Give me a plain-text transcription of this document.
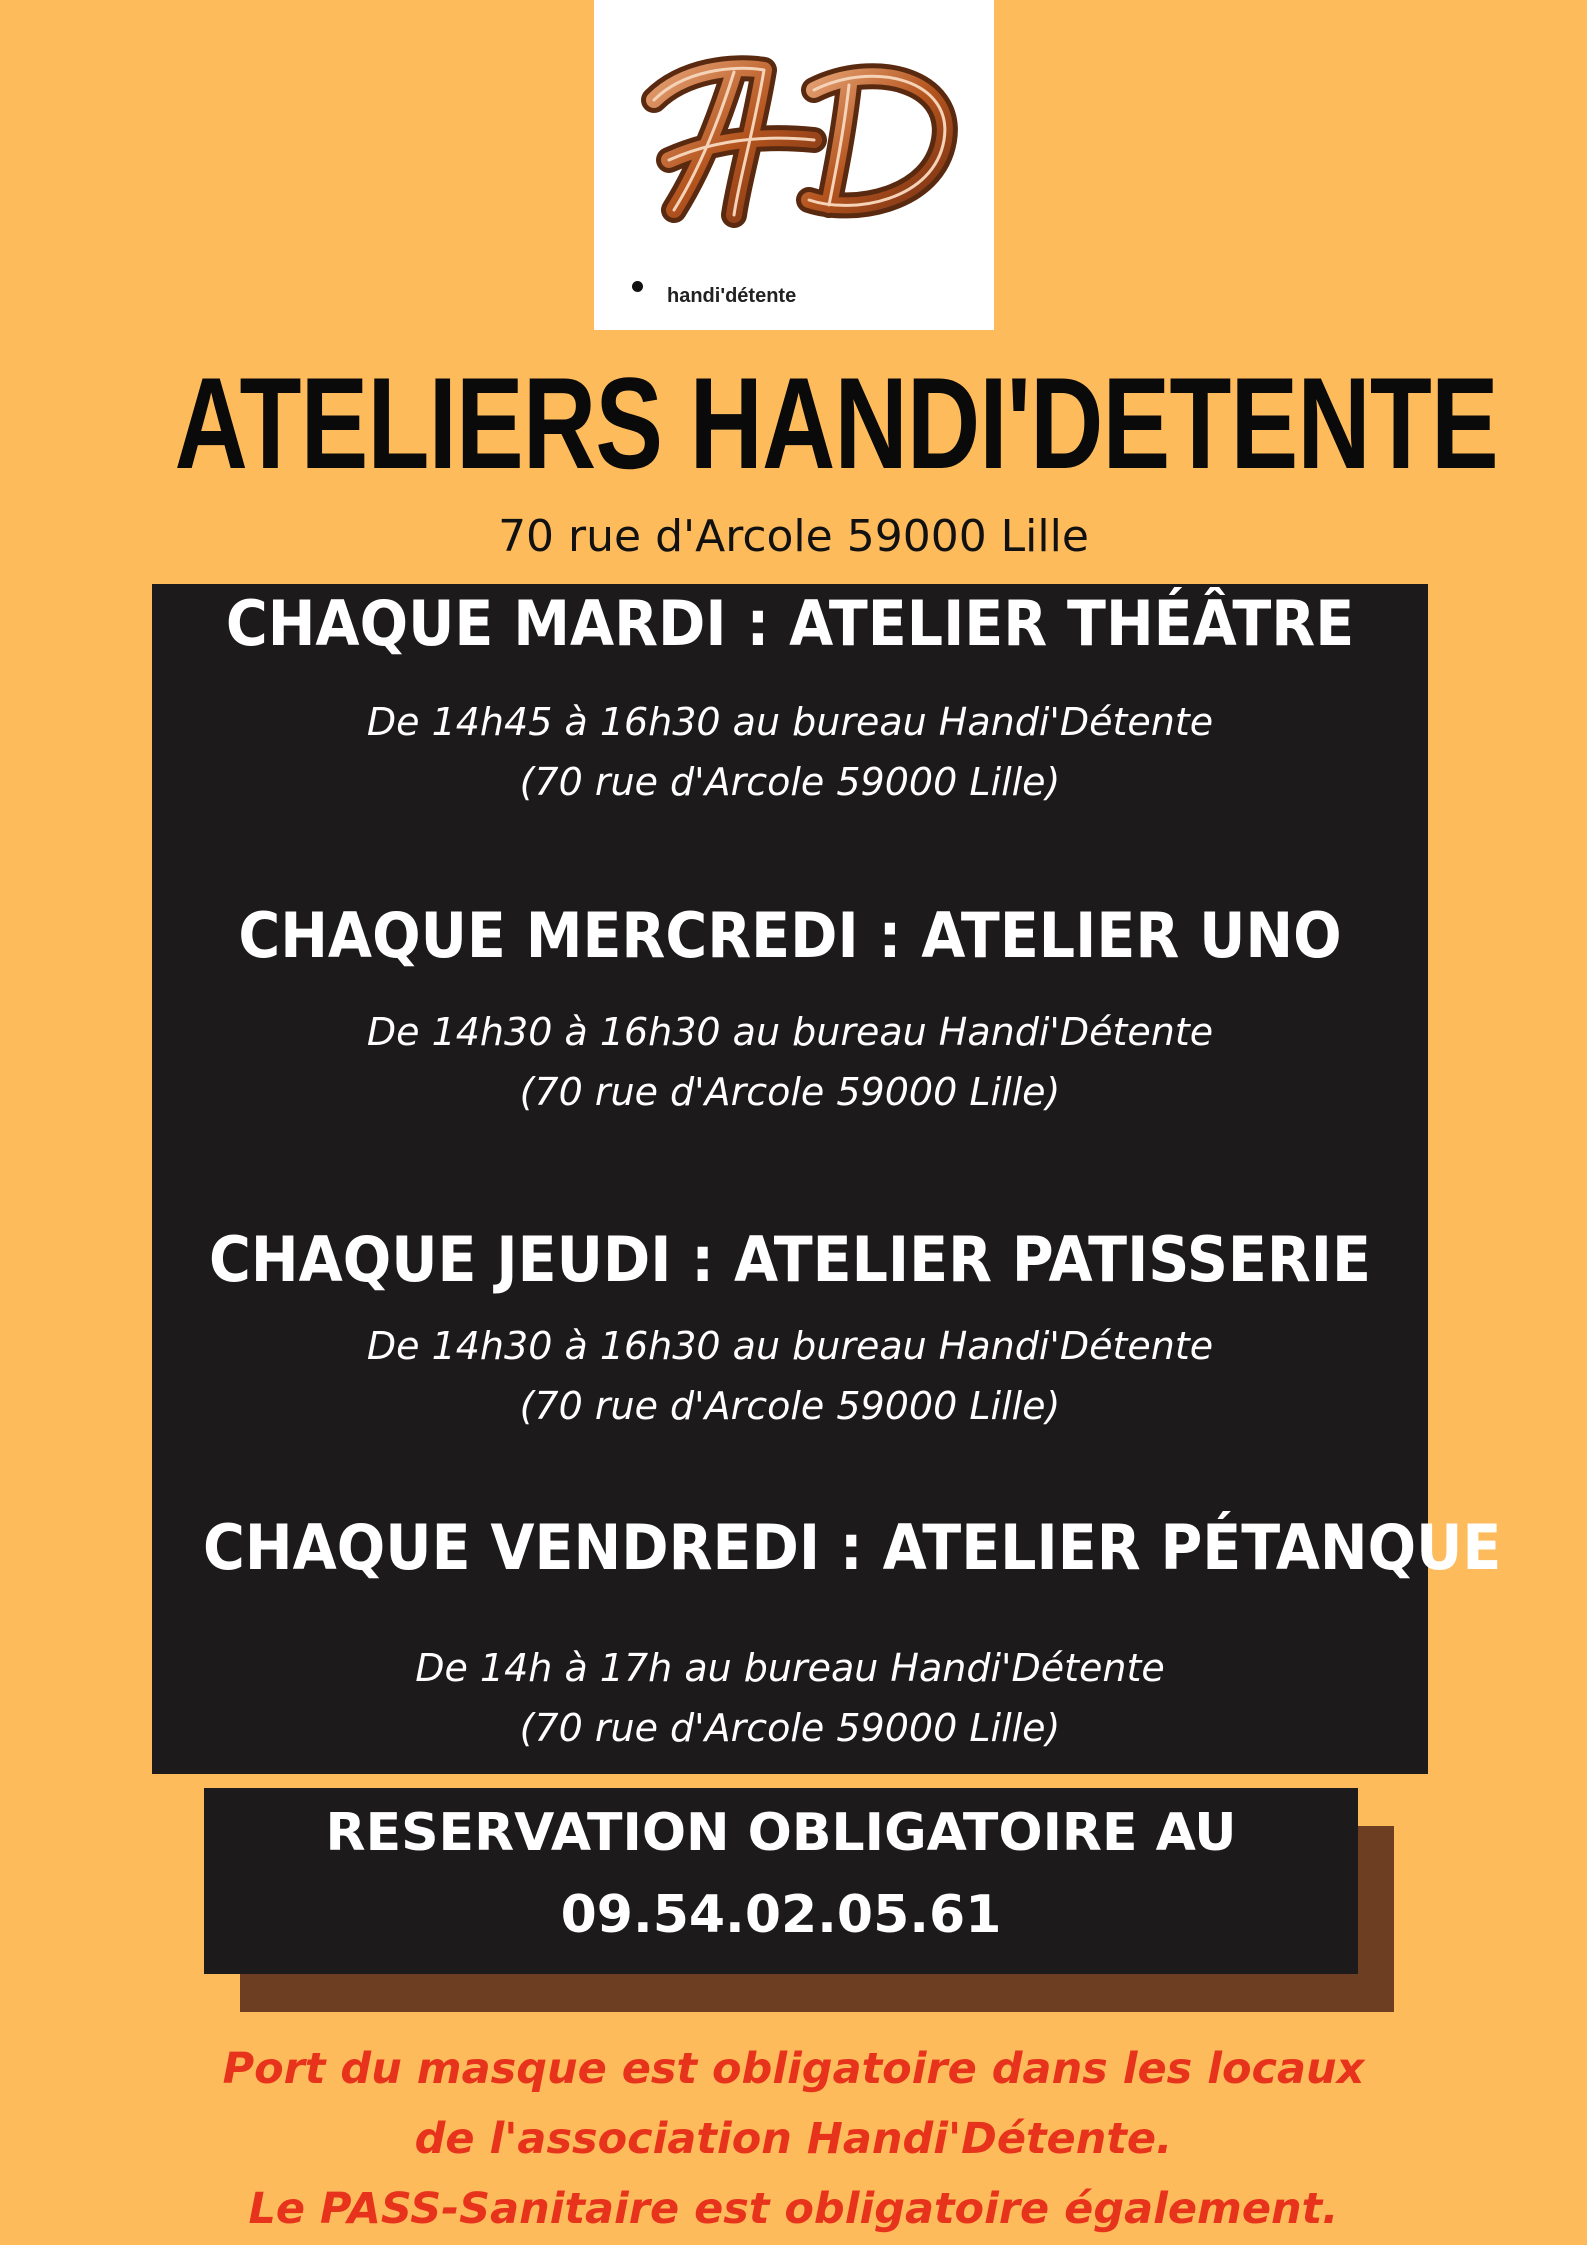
handi'détente
ATELIERS HANDI'DETENTE
70 rue d'Arcole 59000 Lille
CHAQUE MARDI : ATELIER THÉÂTRE
De 14h45 à 16h30 au bureau Handi'Détente
(70 rue d'Arcole 59000 Lille)
CHAQUE MERCREDI : ATELIER UNO
De 14h30 à 16h30 au bureau Handi'Détente
(70 rue d'Arcole 59000 Lille)
CHAQUE JEUDI : ATELIER PATISSERIE
De 14h30 à 16h30 au bureau Handi'Détente
(70 rue d'Arcole 59000 Lille)
CHAQUE VENDREDI : ATELIER PÉTANQUE
De 14h à 17h au bureau Handi'Détente
(70 rue d'Arcole 59000 Lille)
RESERVATION OBLIGATOIRE AU
09.54.02.05.61
Port du masque est obligatoire dans les locaux
de l'association Handi'Détente.
Le PASS-Sanitaire est obligatoire également.
